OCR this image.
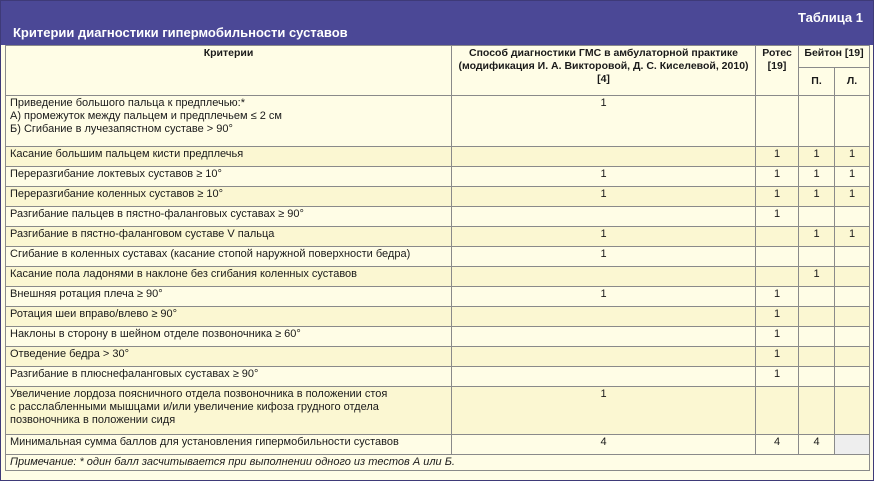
Таблица 1
Критерии диагностики гипермобильности суставов
Критерии	Способ диагностики ГМС в амбулаторной практике (модификация И. А. Викторовой, Д. С. Киселевой, 2010) [4]	Ротес [19]	Бейтон [19]	
			П.	Л.

Приведение большого пальца к предплечью:*
А) промежуток между пальцем и предплечьем ≤ 2 см
Б) Сгибание в лучезапястном суставе > 90°	1			

Касание большим пальцем кисти предплечья		1	1	1

Переразгибание локтевых суставов ≥ 10°	1	1	1	1

Переразгибание коленных суставов ≥ 10°	1	1	1	1

Разгибание пальцев в пястно-фаланговых суставах ≥ 90°		1		

Разгибание в пястно-фаланговом суставе V пальца	1		1	1

Сгибание в коленных суставах (касание стопой наружной поверхности бедра)	1			

Касание пола ладонями в наклоне без сгибания коленных суставов			1	

Внешняя ротация плеча ≥ 90°	1	1		

Ротация шеи вправо/влево ≥ 90°		1		

Наклоны в сторону в шейном отделе позвоночника ≥ 60°		1		

Отведение бедра > 30°		1		

Разгибание в плюснефаланговых суставах ≥ 90°		1		

Увеличение лордоза поясничного отдела позвоночника в положении стоя
с расслабленными мышцами и/или увеличение кифоза грудного отдела
позвоночника в положении сидя	1			

Минимальная сумма баллов для установления гипермобильности суставов	4	4	4	
Примечание: * один балл засчитывается при выполнении одного из тестов А или Б.				
